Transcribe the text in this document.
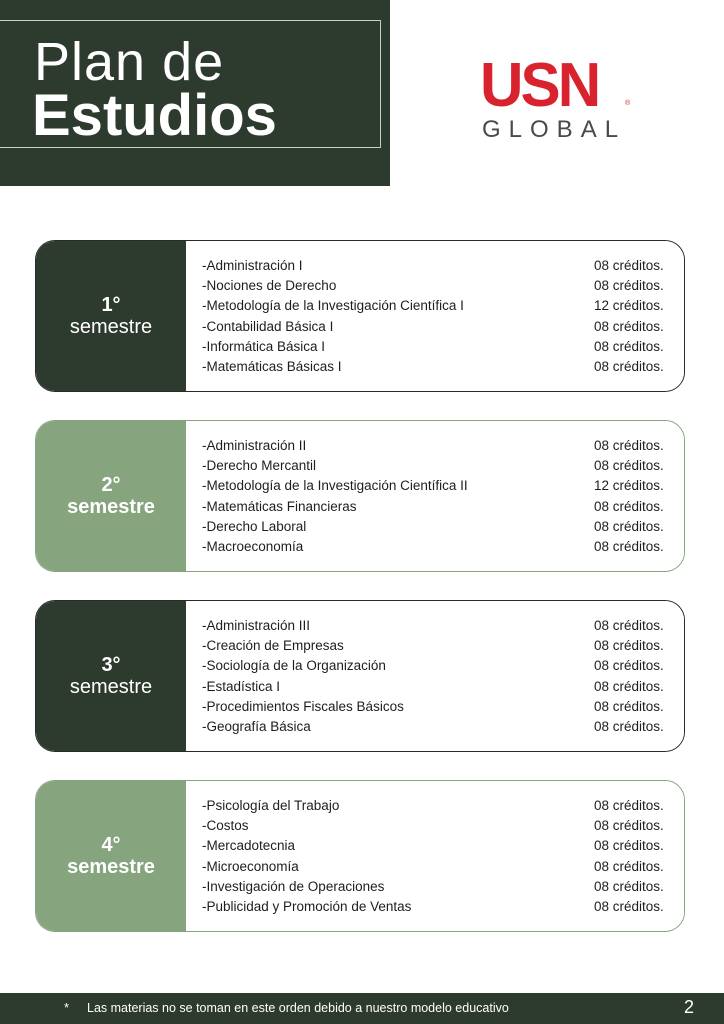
Plan de
Estudios	USN	®
GLOBAL
1°
semestre
-Administración I	08 créditos.
-Nociones de Derecho	08 créditos.
-Metodología de la Investigación Científica I	12 créditos.
-Contabilidad Básica I	08 créditos.
-Informática Básica I	08 créditos.
-Matemáticas Básicas I	08 créditos.
2°
semestre
-Administración II	08 créditos.
-Derecho Mercantil	08 créditos.
-Metodología de la Investigación Científica II	12 créditos.
-Matemáticas Financieras	08 créditos.
-Derecho Laboral	08 créditos.
-Macroeconomía	08 créditos.
3°
semestre
-Administración III	08 créditos.
-Creación de Empresas	08 créditos.
-Sociología de la Organización	08 créditos.
-Estadística I	08 créditos.
-Procedimientos Fiscales Básicos	08 créditos.
-Geografía Básica	08 créditos.
4°
semestre
-Psicología del Trabajo	08 créditos.
-Costos	08 créditos.
-Mercadotecnia	08 créditos.
-Microeconomía	08 créditos.
-Investigación de Operaciones	08 créditos.
-Publicidad y Promoción de Ventas	08 créditos.
* Las materias no se toman en este orden debido a nuestro modelo educativo	2
